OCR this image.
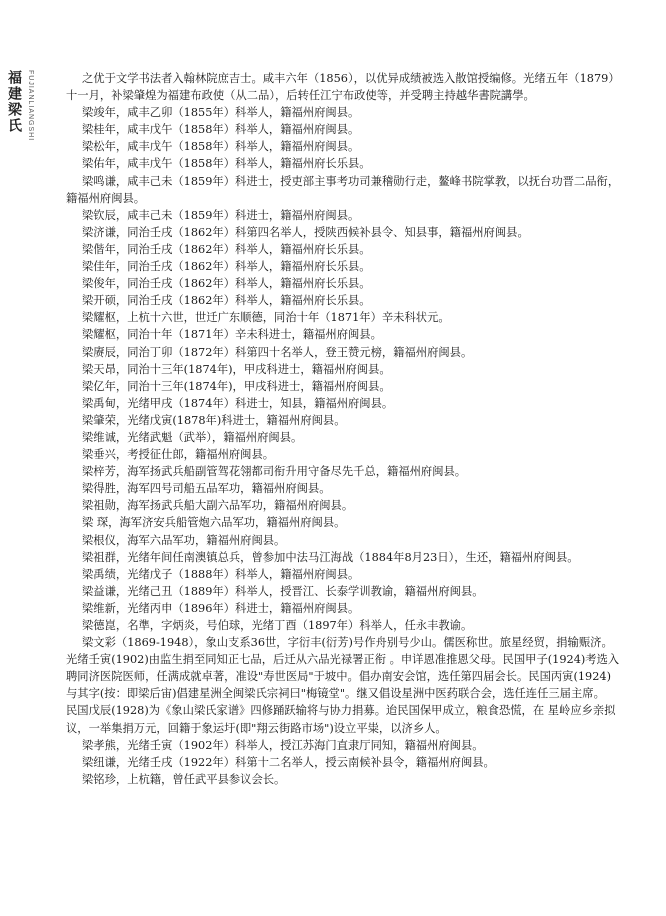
福建梁氏 FUJIANLIANGSHI	之优于文学书法者入翰林院庶吉士。咸丰六年（1856），以优异成绩被选入散馆授编修。光绪五年（1879）
十一月，补梁肇煌为福建布政使（从二品），后转任江宁布政使等，并受聘主持越华書院講學。
梁竣年，咸丰乙卯（1855年）科举人，籍福州府闽县。
梁桂年，咸丰戊午（1858年）科举人，籍福州府闽县。
梁松年，咸丰戊午（1858年）科举人，籍福州府闽县。
梁佑年，咸丰戊午（1858年）科举人，籍福州府长乐县。
梁鸣谦，咸丰己未（1859年）科进士，授吏部主事考功司兼稽勋行走，鳌峰书院掌教，以抚台功晋二品衔，
籍福州府闽县。
梁钦辰，咸丰己未（1859年）科进士，籍福州府闽县。
梁济谦，同治壬戌（1862年）科第四名举人，授陕西候补县令、知县事，籍福州府闽县。
梁偕年，同治壬戌（1862年）科举人，籍福州府长乐县。
梁佳年，同治壬戌（1862年）科举人，籍福州府长乐县。
梁俊年，同治壬戌（1862年）科举人，籍福州府长乐县。
梁开硕，同治壬戌（1862年）科举人，籍福州府长乐县。
梁耀枢，上杭十六世，世迁广东顺德，同治十年（1871年）辛未科状元。
梁耀枢，同治十年（1871年）辛未科进士，籍福州府闽县。
梁赓辰，同治丁卯（1872年）科第四十名举人，登王赞元榜，籍福州府闽县。
梁天昂，同治十三年(1874年)，甲戌科进士，籍福州府闽县。
梁亿年，同治十三年(1874年)，甲戌科进士，籍福州府闽县。
梁禹甸，光绪甲戌（1874年）科进士，知县，籍福州府闽县。
梁肇荣，光绪戊寅(1878年)科进士，籍福州府闽县。
梁维诚，光绪武魁（武举），籍福州府闽县。
梁垂兴，考授征仕郎，籍福州府闽县。
梁梓芳，海军扬武兵船副管驾花翎都司衔升用守备尽先千总，籍福州府闽县。
梁得胜，海军四号司船五品军功，籍福州府闽县。
梁祖勋，海军扬武兵船大副六品军功，籍福州府闽县。
梁 琛，海军济安兵船管炮六品军功，籍福州府闽县。
梁根仪，海军六品军功，籍福州府闽县。
梁祖群，光绪年间任南澳镇总兵，曾参加中法马江海战（1884年8月23日），生还，籍福州府闽县。
梁禹绩，光绪戊子（1888年）科举人，籍福州府闽县。
梁益谦，光绪己丑（1889年）科举人，授晋江、长泰学训教谕，籍福州府闽县。
梁维新，光绪丙申（1896年）科进士，籍福州府闽县。
梁德崑，名準，字炳炎，号伯球，光绪丁酉（1897年）科举人，任永丰教谕。
梁文彩（1869-1948），象山支系36世，字衍丰(衍芳)号作舟别号少山。儒医称世。旅星经贸，捐输赈济。
光绪壬寅(1902)由监生捐至同知正七品，后迁从六品光禄署正衔 。申详恩准推恩父母。民国甲子(1924)考选入
聘同济医院医师，任满成就卓著，准设"寿世医局"于坡中。倡办南安会馆，选任第四届会长。民国丙寅(1924)
与其字(按：即梁后宙)倡建星洲全闽梁氏宗祠曰"梅镜堂"。继又倡设星洲中医药联合会，选任连任三届主席。
民国戊辰(1928)为《象山梁氏家谱》四修踊跃输将与协力捐募。迨民国保甲成立，粮食恐慌，在 星岭应乡亲拟
议，一举集捐万元，回籍于象运圩(即"翔云街路市场")设立平粜，以济乡人。
梁孝熊，光绪壬寅（1902年）科举人，授江苏海门直隶厅同知，籍福州府闽县。
梁纽谦，光绪壬戌（1922年）科第十二名举人，授云南候补县令，籍福州府闽县。
梁铭珍，上杭籍，曾任武平县参议会长。
